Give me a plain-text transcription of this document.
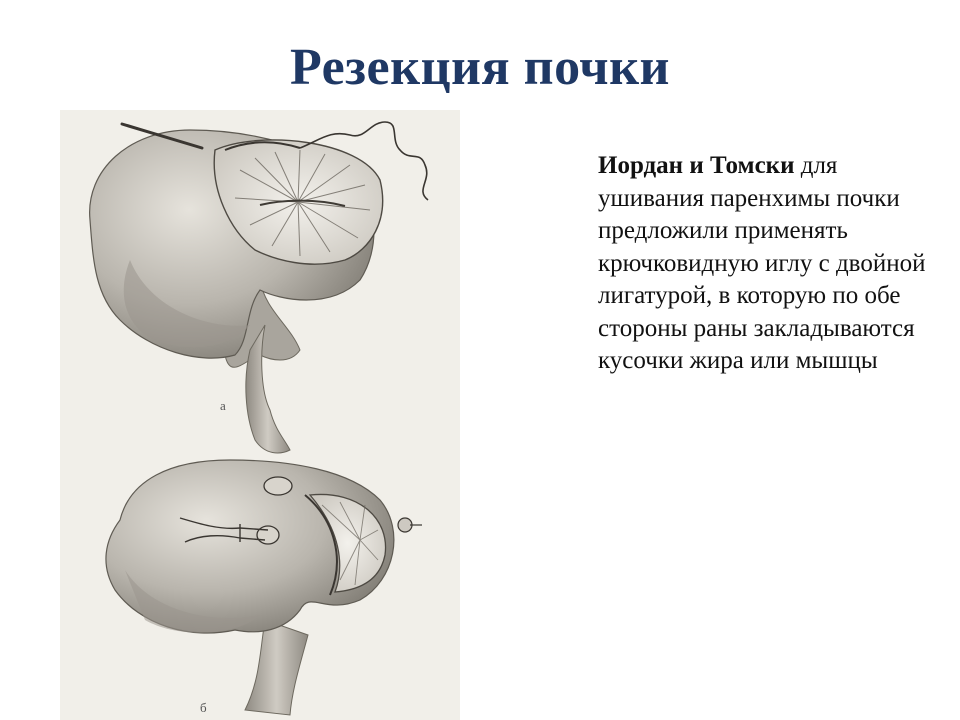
Резекция почки
а
б
Иордан и Томски для ушивания паренхимы почки предложили применять крючковидную иглу с двойной лигатурой, в которую по обе стороны раны закладываются кусочки жира или мышцы
